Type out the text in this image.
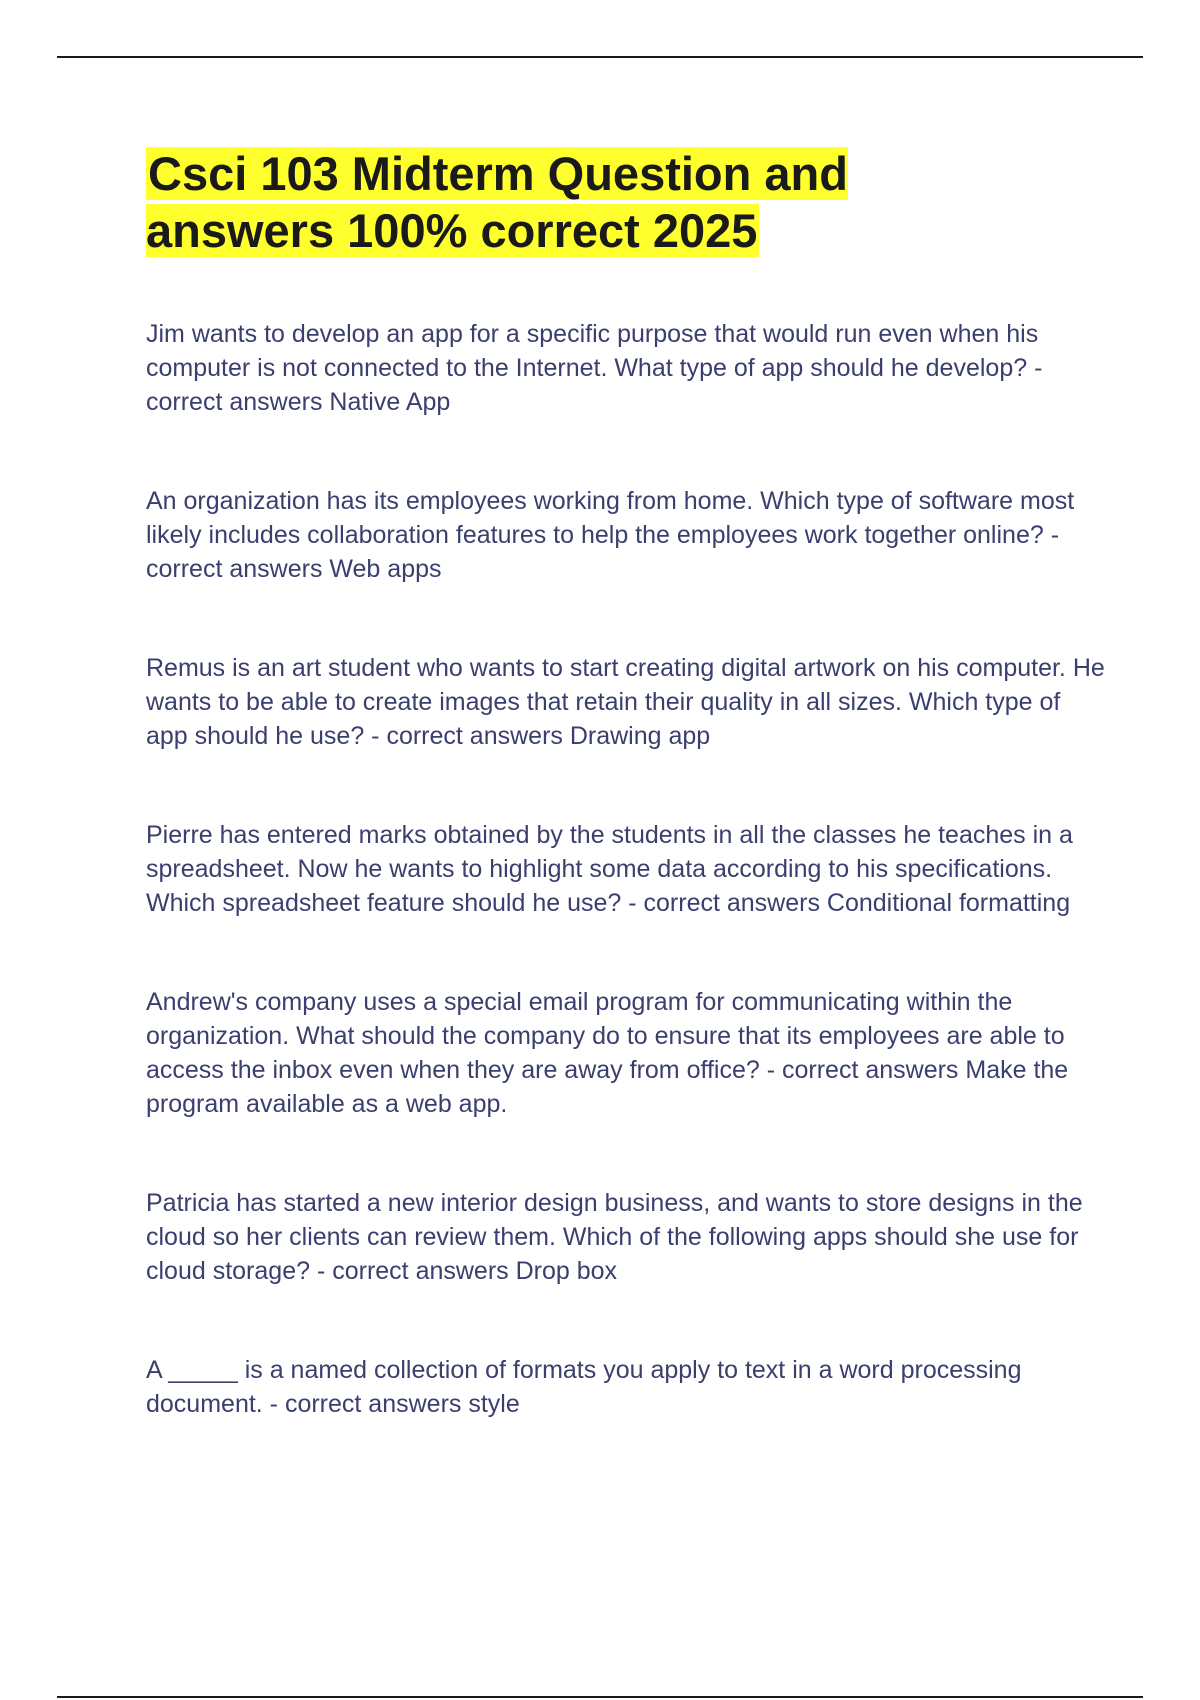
Csci 103 Midterm Question and answers 100% correct 2025

Jim wants to develop an app for a specific purpose that would run even when his computer is not connected to the Internet. What type of app should he develop? - correct answers Native App

An organization has its employees working from home. Which type of software most likely includes collaboration features to help the employees work together online? - correct answers Web apps

Remus is an art student who wants to start creating digital artwork on his computer. He wants to be able to create images that retain their quality in all sizes. Which type of app should he use? - correct answers Drawing app

Pierre has entered marks obtained by the students in all the classes he teaches in a spreadsheet. Now he wants to highlight some data according to his specifications. Which spreadsheet feature should he use? - correct answers Conditional formatting

Andrew's company uses a special email program for communicating within the organization. What should the company do to ensure that its employees are able to access the inbox even when they are away from office? - correct answers Make the program available as a web app.

Patricia has started a new interior design business, and wants to store designs in the cloud so her clients can review them. Which of the following apps should she use for cloud storage? - correct answers Drop box

A _____ is a named collection of formats you apply to text in a word processing document. - correct answers style
